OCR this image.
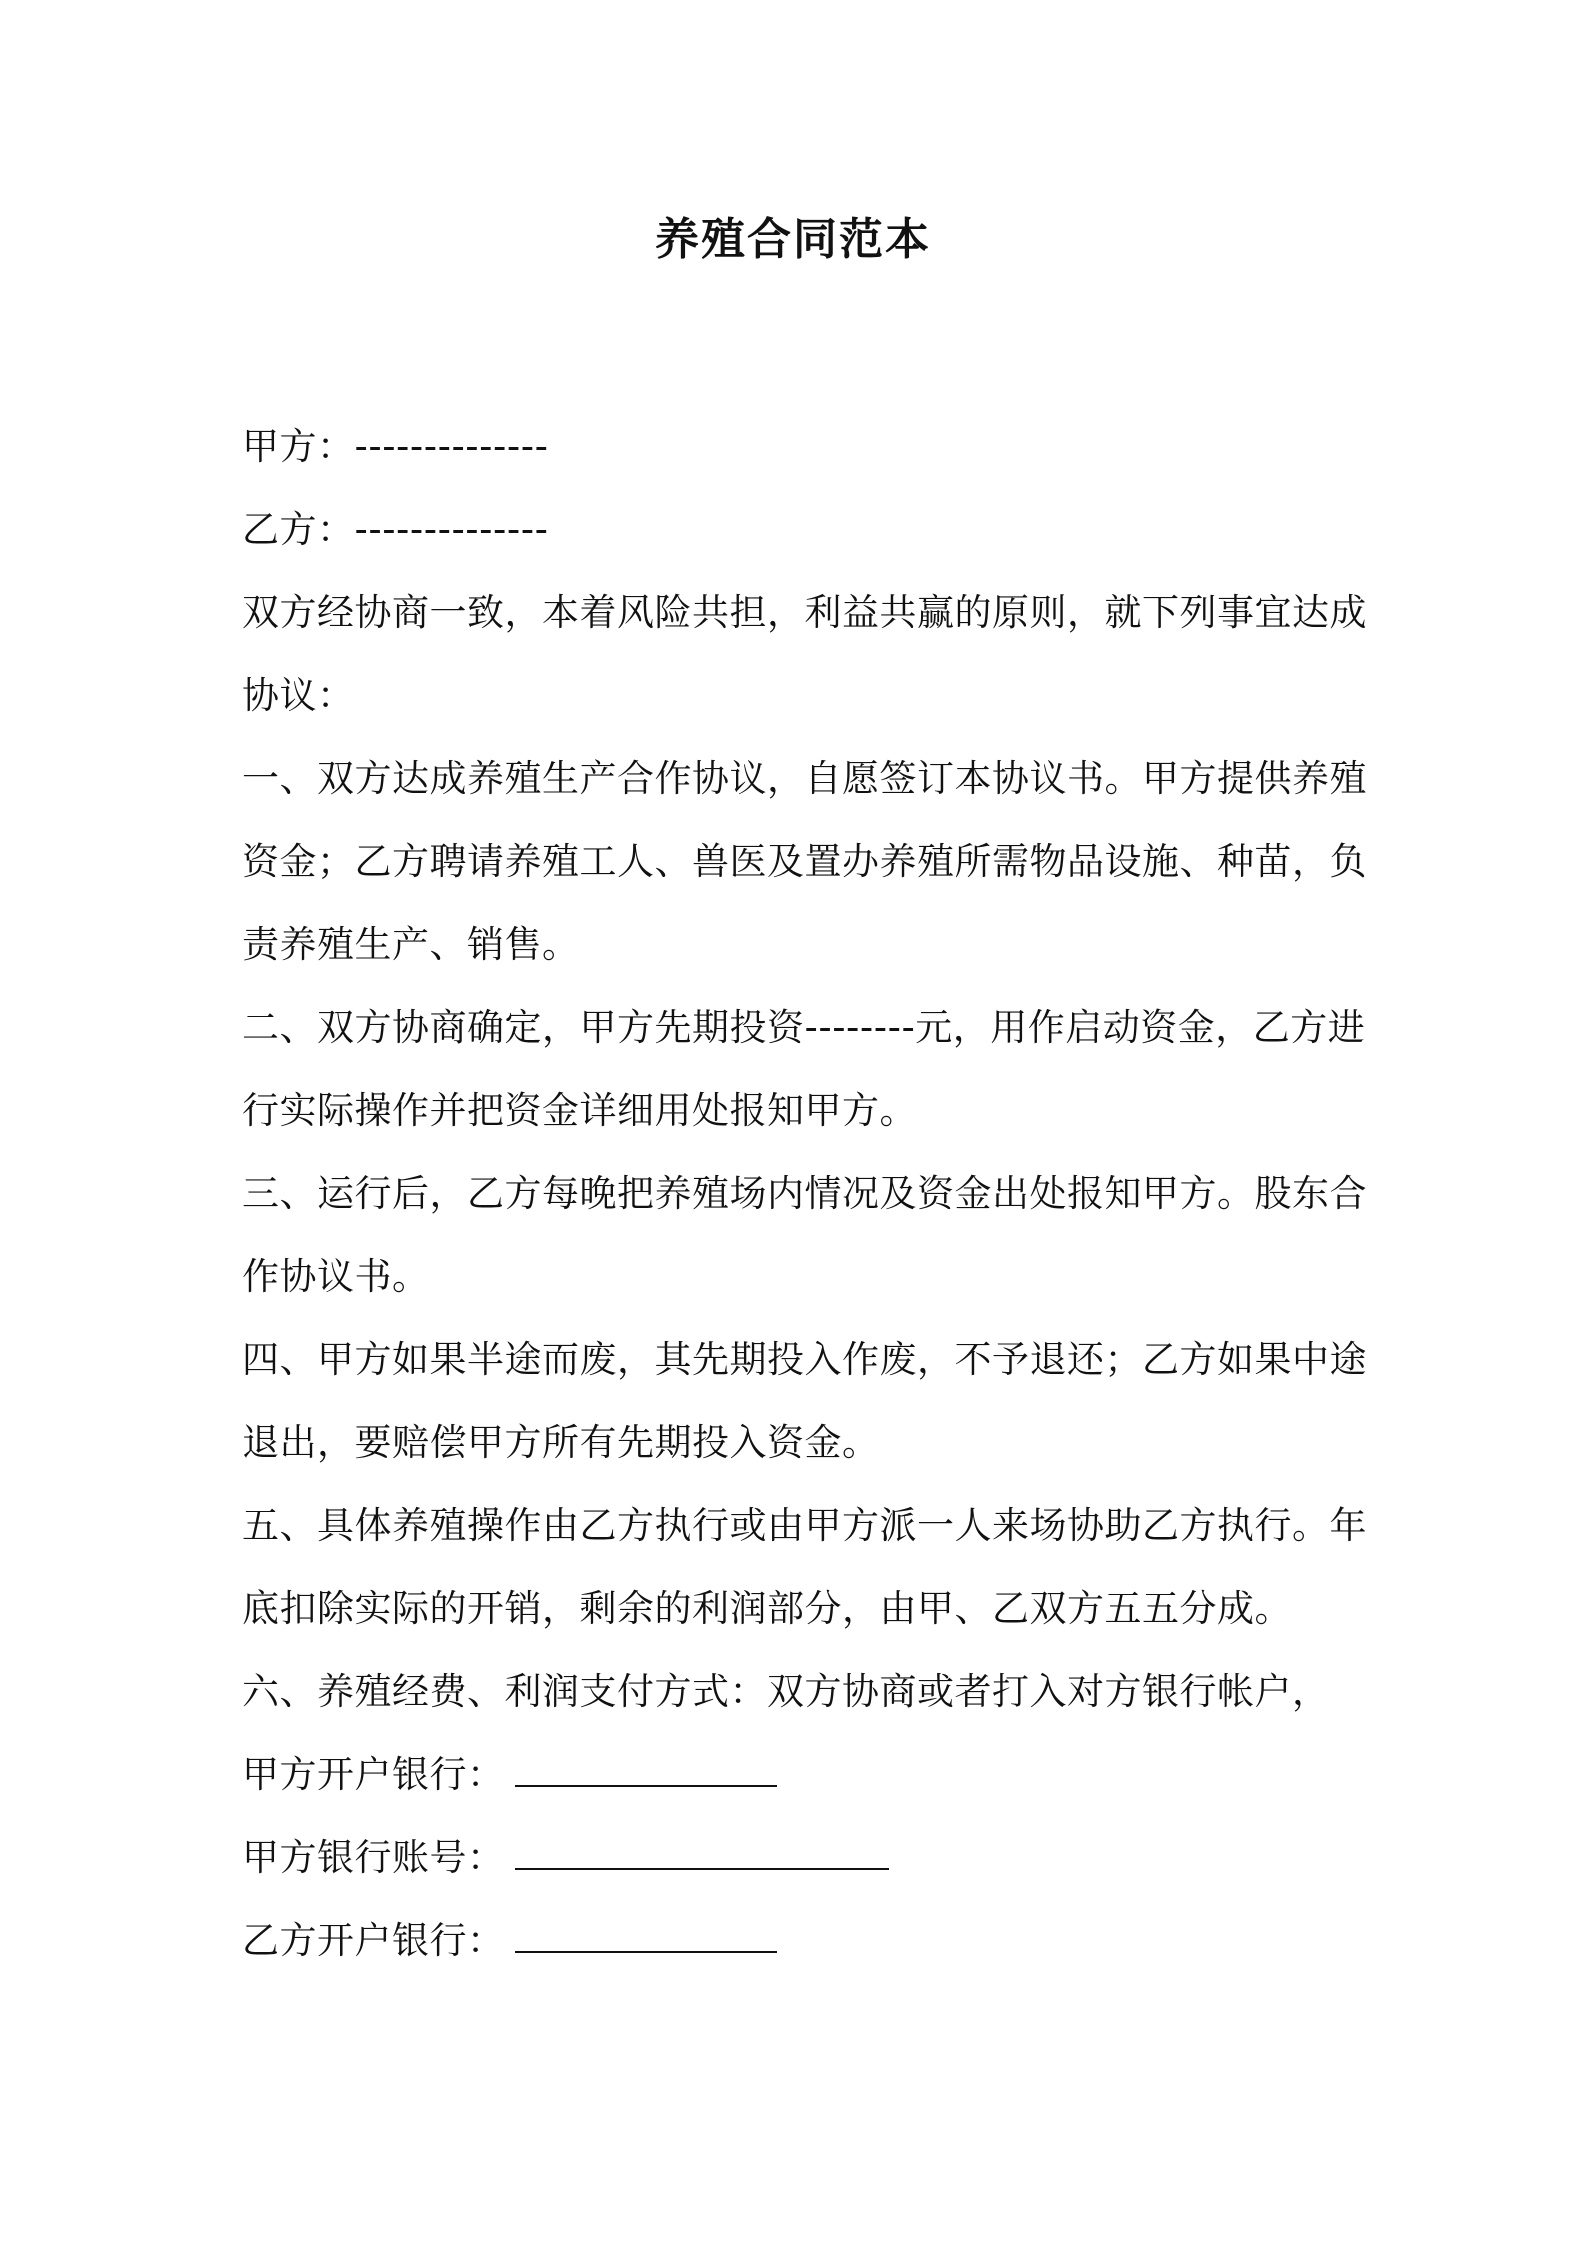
养殖合同范本
甲方：--------------
乙方：--------------
双方经协商一致，本着风险共担，利益共赢的原则，就下列事宜达成
协议：
一、双方达成养殖生产合作协议，自愿签订本协议书。甲方提供养殖
资金；乙方聘请养殖工人、兽医及置办养殖所需物品设施、种苗，负
责养殖生产、销售。
二、双方协商确定，甲方先期投资--------元，用作启动资金，乙方进
行实际操作并把资金详细用处报知甲方。
三、运行后，乙方每晚把养殖场内情况及资金出处报知甲方。股东合
作协议书。
四、甲方如果半途而废，其先期投入作废，不予退还；乙方如果中途
退出，要赔偿甲方所有先期投入资金。
五、具体养殖操作由乙方执行或由甲方派一人来场协助乙方执行。年
底扣除实际的开销，剩余的利润部分，由甲、乙双方五五分成。
六、养殖经费、利润支付方式：双方协商或者打入对方银行帐户，
甲方开户银行：
甲方银行账号：
乙方开户银行：
